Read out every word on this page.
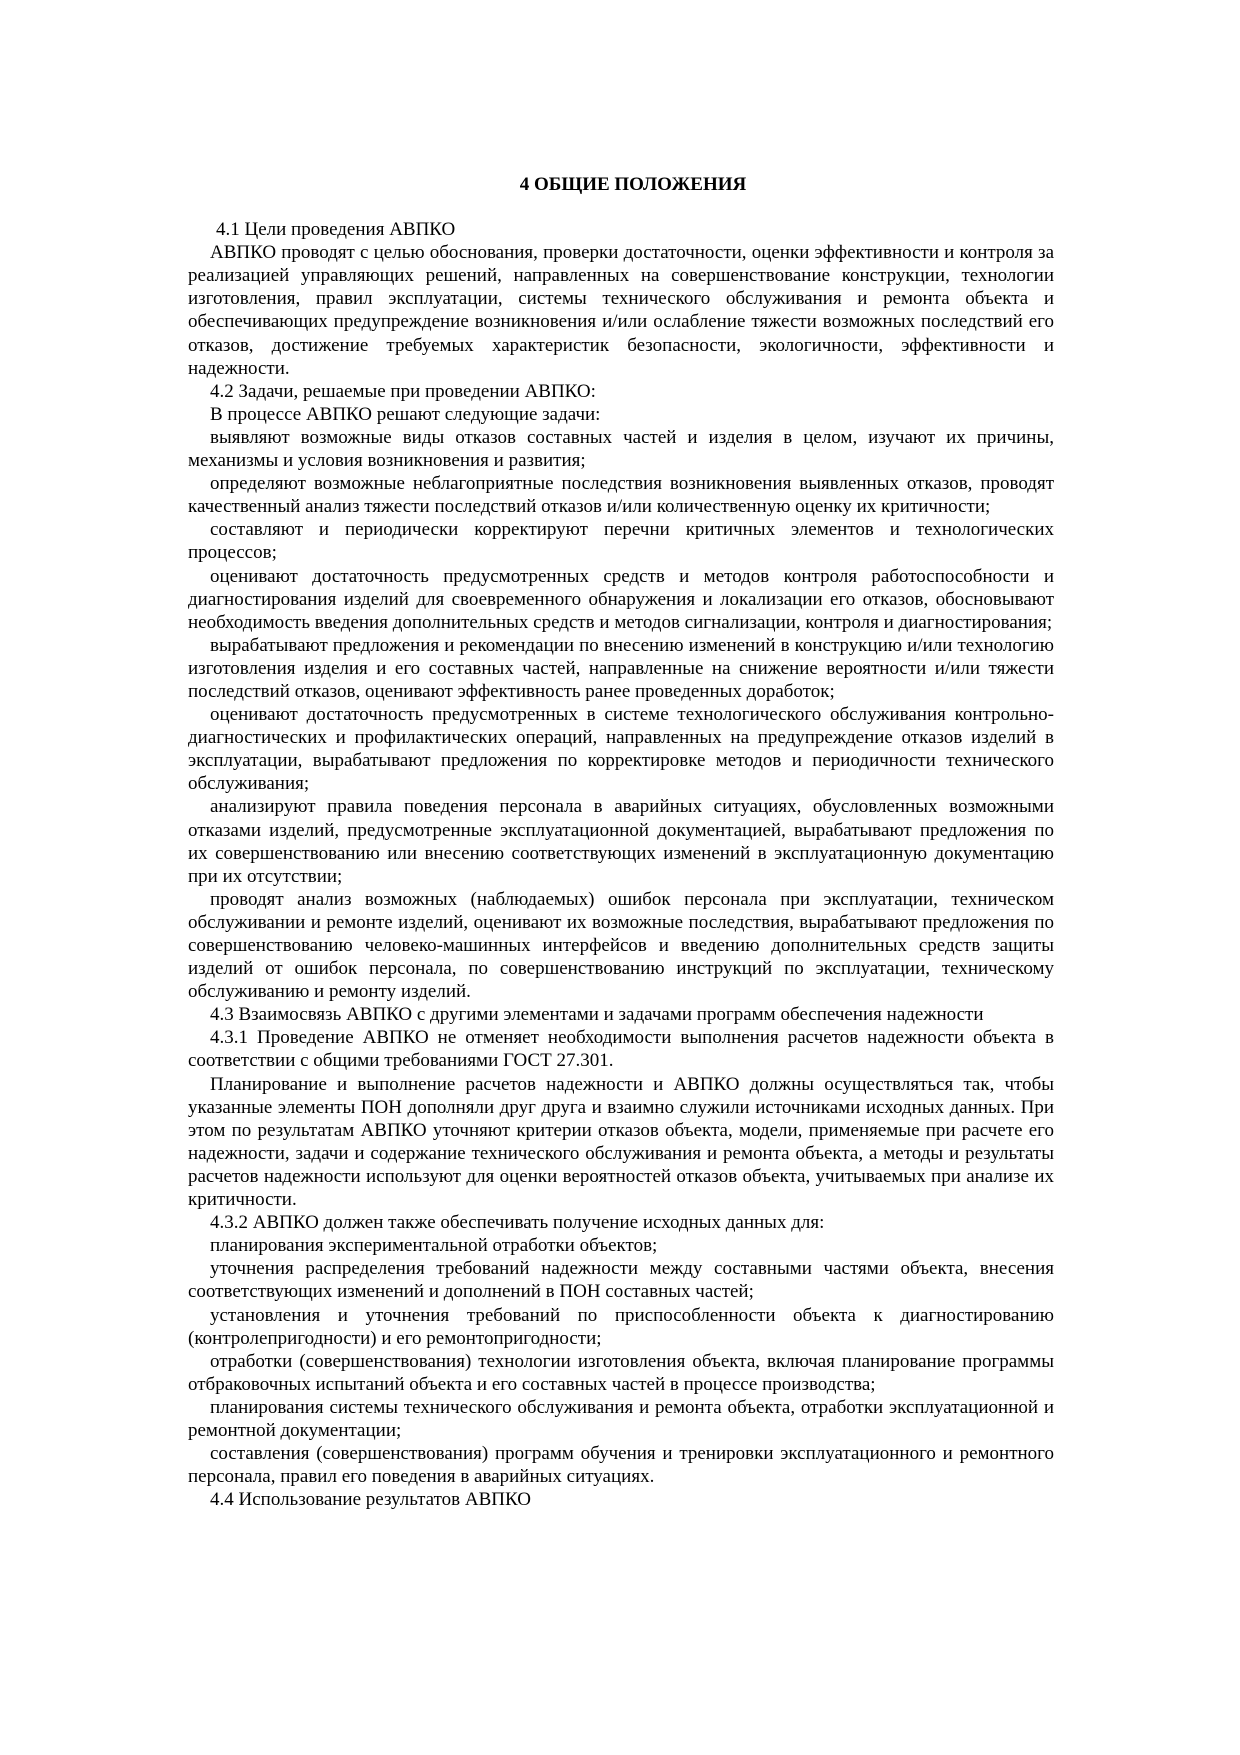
4 ОБЩИЕ ПОЛОЖЕНИЯ

4.1 Цели проведения АВПКО

АВПКО проводят с целью обоснования, проверки достаточности, оценки эффективности и контроля за реализацией управляющих решений, направленных на совершенствование конструкции, технологии изготовления, правил эксплуатации, системы технического обслуживания и ремонта объекта и обеспечивающих предупреждение возникновения и/или ослабление тяжести возможных последствий его отказов, достижение требуемых характеристик безопасности, экологичности, эффективности и надежности.

4.2 Задачи, решаемые при проведении АВПКО:

В процессе АВПКО решают следующие задачи:

выявляют возможные виды отказов составных частей и изделия в целом, изучают их причины, механизмы и условия возникновения и развития;

определяют возможные неблагоприятные последствия возникновения выявленных отказов, проводят качественный анализ тяжести последствий отказов и/или количественную оценку их критичности;

составляют и периодически корректируют перечни критичных элементов и технологических процессов;

оценивают достаточность предусмотренных средств и методов контроля работоспособности и диагностирования изделий для своевременного обнаружения и локализации его отказов, обосновывают необходимость введения дополнительных средств и методов сигнализации, контроля и диагностирования;

вырабатывают предложения и рекомендации по внесению изменений в конструкцию и/или технологию изготовления изделия и его составных частей, направленные на снижение вероятности и/или тяжести последствий отказов, оценивают эффективность ранее проведенных доработок;

оценивают достаточность предусмотренных в системе технологического обслуживания контрольно-диагностических и профилактических операций, направленных на предупреждение отказов изделий в эксплуатации, вырабатывают предложения по корректировке методов и периодичности технического обслуживания;

анализируют правила поведения персонала в аварийных ситуациях, обусловленных возможными отказами изделий, предусмотренные эксплуатационной документацией, вырабатывают предложения по их совершенствованию или внесению соответствующих изменений в эксплуатационную документацию при их отсутствии;

проводят анализ возможных (наблюдаемых) ошибок персонала при эксплуатации, техническом обслуживании и ремонте изделий, оценивают их возможные последствия, вырабатывают предложения по совершенствованию человеко-машинных интерфейсов и введению дополнительных средств защиты изделий от ошибок персонала, по совершенствованию инструкций по эксплуатации, техническому обслуживанию и ремонту изделий.

4.3 Взаимосвязь АВПКО с другими элементами и задачами программ обеспечения надежности

4.3.1 Проведение АВПКО не отменяет необходимости выполнения расчетов надежности объекта в соответствии с общими требованиями ГОСТ 27.301.

Планирование и выполнение расчетов надежности и АВПКО должны осуществляться так, чтобы указанные элементы ПОН дополняли друг друга и взаимно служили источниками исходных данных. При этом по результатам АВПКО уточняют критерии отказов объекта, модели, применяемые при расчете его надежности, задачи и содержание технического обслуживания и ремонта объекта, а методы и результаты расчетов надежности используют для оценки вероятностей отказов объекта, учитываемых при анализе их критичности.

4.3.2 АВПКО должен также обеспечивать получение исходных данных для:

планирования экспериментальной отработки объектов;

уточнения распределения требований надежности между составными частями объекта, внесения соответствующих изменений и дополнений в ПОН составных частей;

установления и уточнения требований по приспособленности объекта к диагностированию (контролепригодности) и его ремонтопригодности;

отработки (совершенствования) технологии изготовления объекта, включая планирование программы отбраковочных испытаний объекта и его составных частей в процессе производства;

планирования системы технического обслуживания и ремонта объекта, отработки эксплуатационной и ремонтной документации;

составления (совершенствования) программ обучения и тренировки эксплуатационного и ремонтного персонала, правил его поведения в аварийных ситуациях.

4.4 Использование результатов АВПКО
